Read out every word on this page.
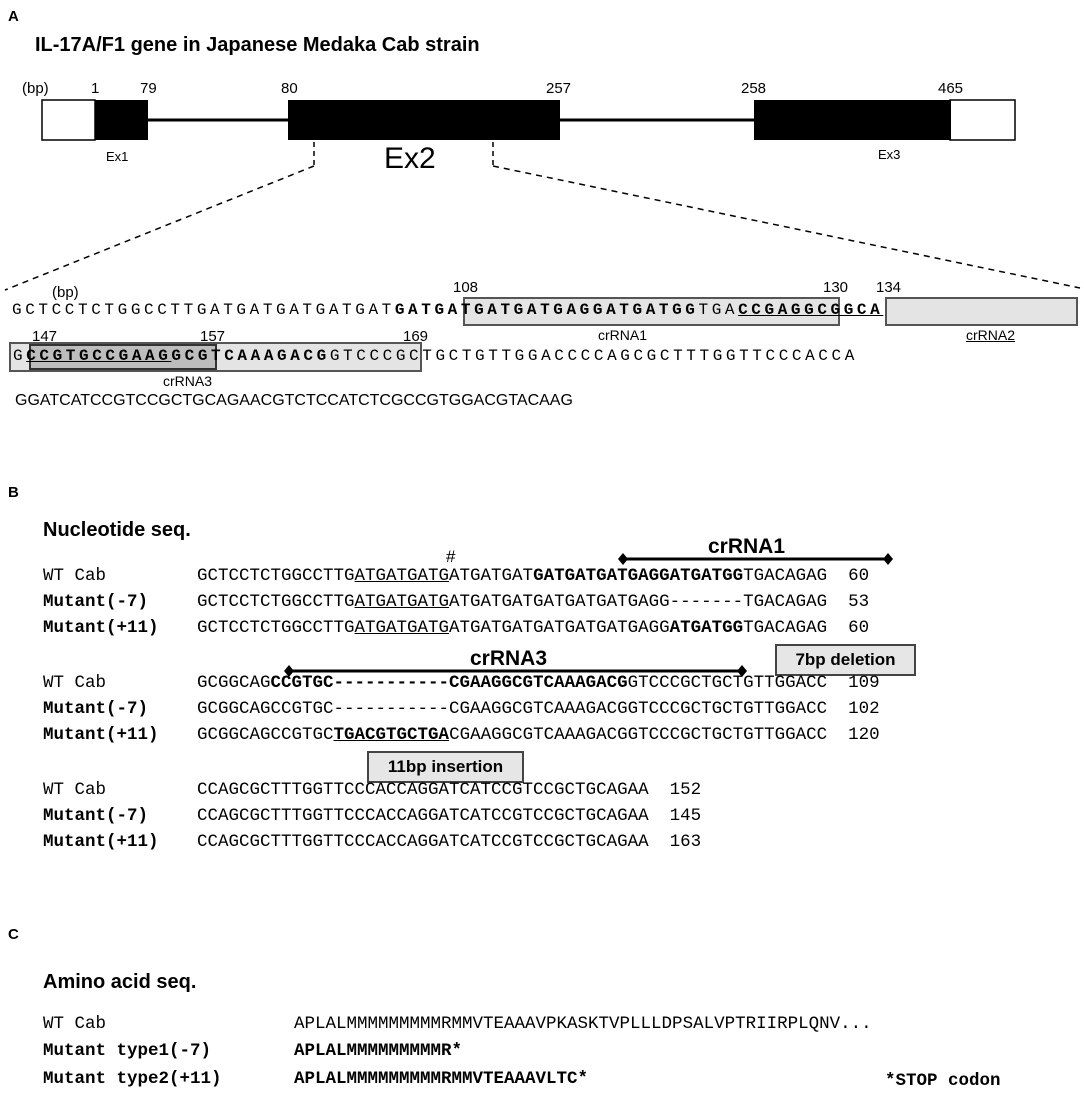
A
IL-17A/F1 gene in Japanese Medaka Cab strain
(bp)	1	79	80	257	258	465
Ex1	Ex2	Ex3
(bp)	108	130 134
147	157	169
GCTCCTCTGGCCTTGATGATGATGATGATGATGATGATGATGAGGATGATGGTGACCGAGGCGGCA
GCCGTGCCGAAGGCGTCAAAGACGGTCCCGCTGCTGTTGGACCCCAGCGCTTTGGTTCCCACCA
GGATCATCCGTCCGCTGCAGAACGTCTCCATCTCGCCGTGGACGTACAAG
crRNA1	crRNA2
crRNA3
B
Nucleotide seq.
#	crRNA1
crRNA3	7bp deletion
11bp insertion
WT Cab	GCTCCTCTGGCCTTGATGATGATGATGATGATGATGATGATGAGGATGATGGTGACAGAG  60
Mutant(-7)	GCTCCTCTGGCCTTGATGATGATGATGATGATGATGATGATGAGG-------TGACAGAG  53
Mutant(+11) GCTCCTCTGGCCTTGATGATGATGATGATGATGATGATGATGAGGATGATGGTGACAGAG  60
WT Cab	GCGGCAGCCGTGC-----------CGAAGGCGTCAAAGACGGTCCCGCTGCTGTTGGACC  109
Mutant(-7)	GCGGCAGCCGTGC-----------CGAAGGCGTCAAAGACGGTCCCGCTGCTGTTGGACC  102
Mutant(+11) GCGGCAGCCGTGCTGACGTGCTGACGAAGGCGTCAAAGACGGTCCCGCTGCTGTTGGACC  120
WT Cab	CCAGCGCTTTGGTTCCCACCAGGATCATCCGTCCGCTGCAGAA  152
Mutant(-7)	CCAGCGCTTTGGTTCCCACCAGGATCATCCGTCCGCTGCAGAA  145
Mutant(+11) CCAGCGCTTTGGTTCCCACCAGGATCATCCGTCCGCTGCAGAA  163
C
Amino acid seq.
WT Cab	APLALMMMMMMMMMRMMVTEAAAVPKASKTVPLLLDPSALVPTRIIRPLQNV...
Mutant type1(-7)	APLALMMMMMMMMMR*
Mutant type2(+11)	APLALMMMMMMMMMRMMVTEAAAVLTC*	*STOP codon
